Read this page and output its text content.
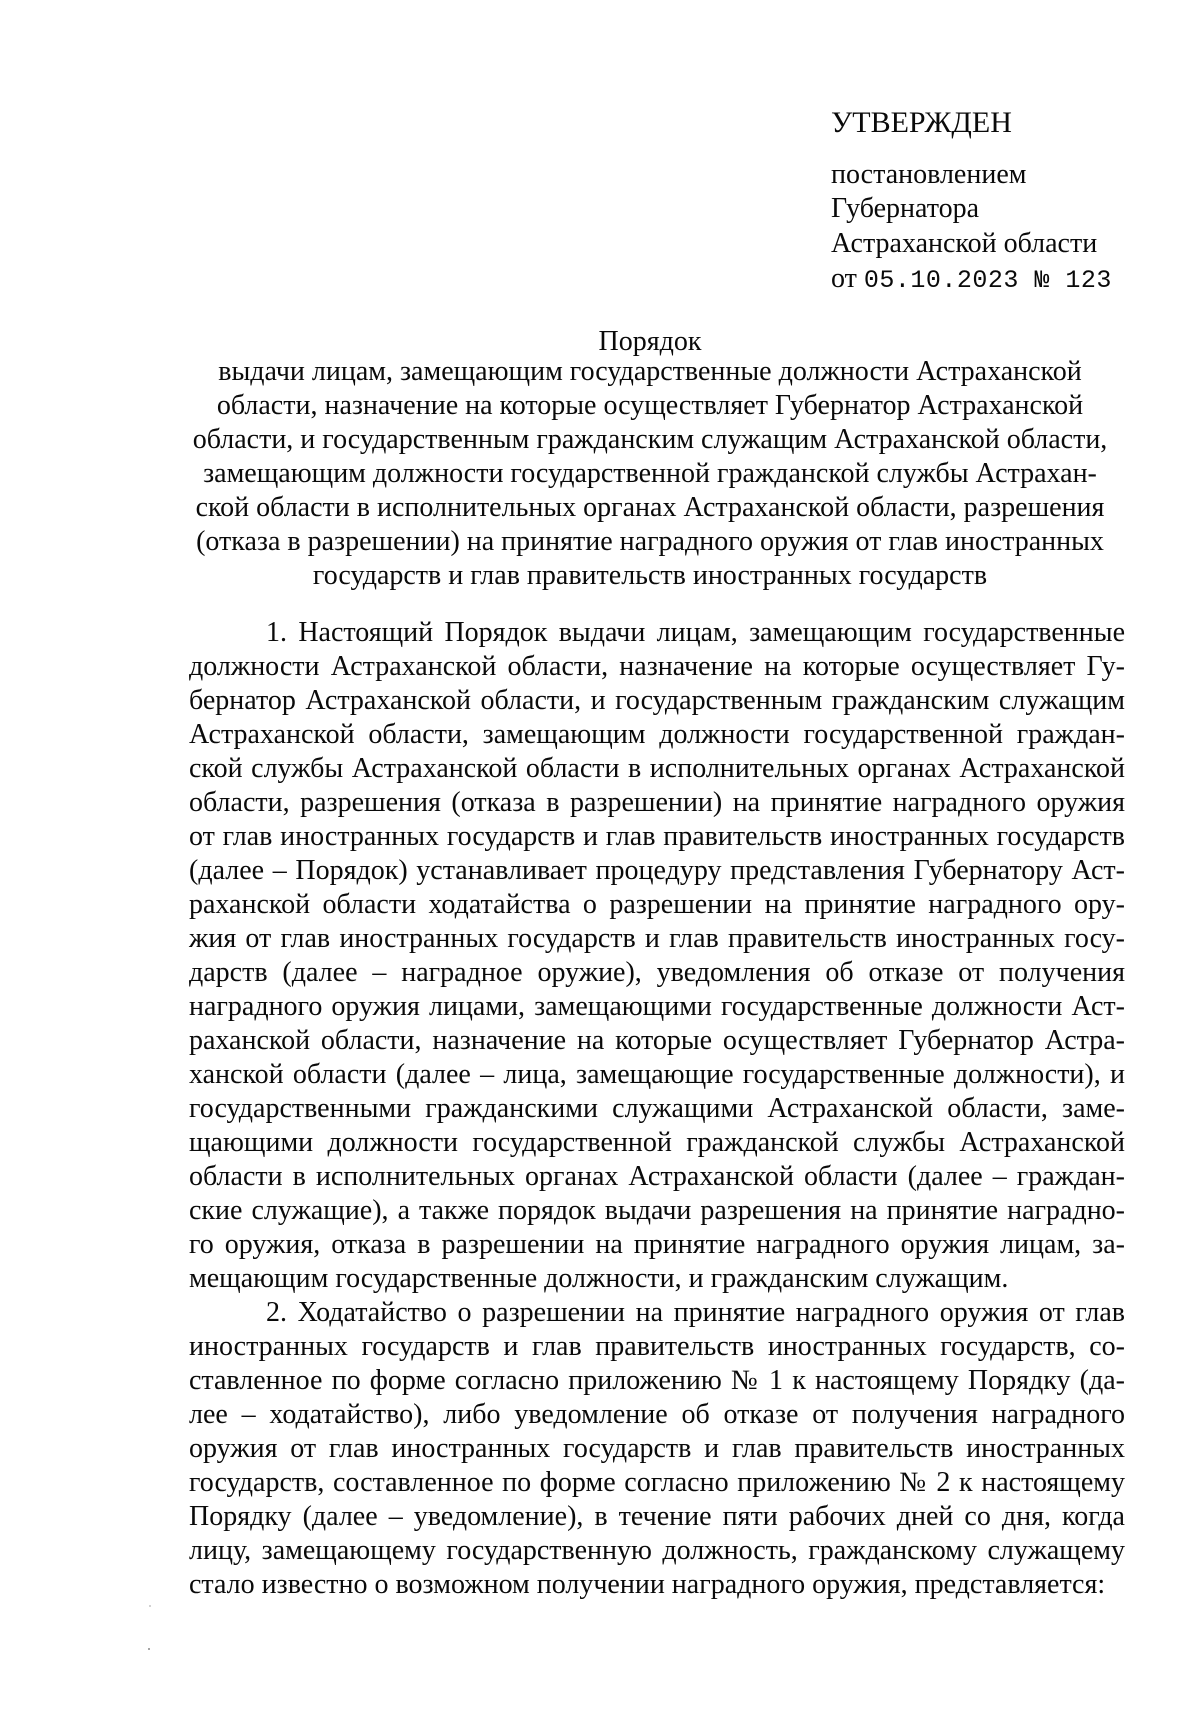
УТВЕРЖДЕН
постановлением
Губернатора
Астраханской области
от 05.10.2023 № 123
Порядок
выдачи лицам, замещающим государственные должности Астраханской
области, назначение на которые осуществляет Губернатор Астраханской
области, и государственным гражданским служащим Астраханской области,
замещающим должности государственной гражданской службы Астрахан-
ской области в исполнительных органах Астраханской области, разрешения
(отказа в разрешении) на принятие наградного оружия от глав иностранных
государств и глав правительств иностранных государств
1. Настоящий Порядок выдачи лицам, замещающим государственные
должности Астраханской области, назначение на которые осуществляет Гу-
бернатор Астраханской области, и государственным гражданским служащим
Астраханской области, замещающим должности государственной граждан-
ской службы Астраханской области в исполнительных органах Астраханской
области, разрешения (отказа в разрешении) на принятие наградного оружия
от глав иностранных государств и глав правительств иностранных государств
(далее – Порядок) устанавливает процедуру представления Губернатору Аст-
раханской области ходатайства о разрешении на принятие наградного ору-
жия от глав иностранных государств и глав правительств иностранных госу-
дарств (далее – наградное оружие), уведомления об отказе от получения
наградного оружия лицами, замещающими государственные должности Аст-
раханской области, назначение на которые осуществляет Губернатор Астра-
ханской области (далее – лица, замещающие государственные должности), и
государственными гражданскими служащими Астраханской области, заме-
щающими должности государственной гражданской службы Астраханской
области в исполнительных органах Астраханской области (далее – граждан-
ские служащие), а также порядок выдачи разрешения на принятие награднo-
го оружия, отказа в разрешении на принятие наградного оружия лицам, за-
мещающим государственные должности, и гражданским служащим.
2. Ходатайство о разрешении на принятие наградного оружия от глав
иностранных государств и глав правительств иностранных государств, со-
ставленное по форме согласно приложению № 1 к настоящему Порядку (да-
лее – ходатайство), либо уведомление об отказе от получения наградного
оружия от глав иностранных государств и глав правительств иностранных
государств, составленное по форме согласно приложению № 2 к настоящему
Порядку (далее – уведомление), в течение пяти рабочих дней со дня, когда
лицу, замещающему государственную должность, гражданскому служащему
стало известно о возможном получении наградного оружия, представляется:
